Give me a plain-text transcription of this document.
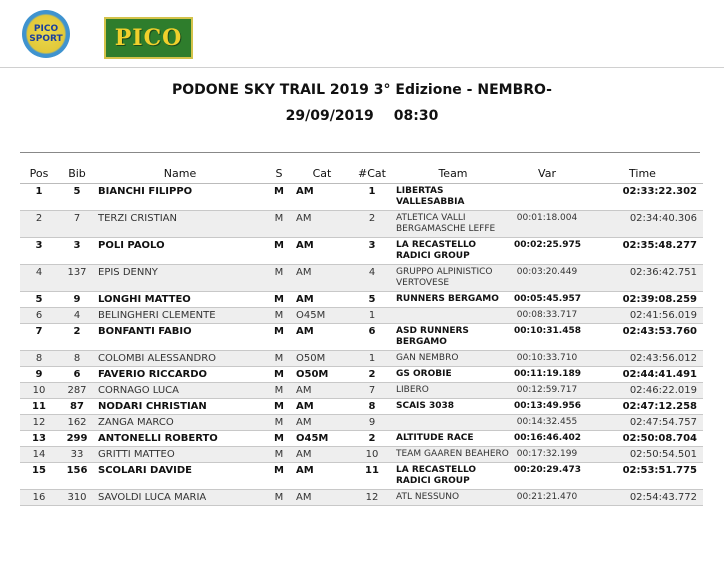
PICO
SPORT PICO
PODONE SKY TRAIL 2019 3° Edizione - NEMBRO-
29/09/2019 08:30
Pos	Bib	Name	S	Cat	#Cat	Team	Var	Time
1	5	BIANCHI FILIPPO	M	AM	1	LIBERTAS VALLESABBIA		02:33:22.302
2	7	TERZI CRISTIAN	M	AM	2	ATLETICA VALLI BERGAMASCHE LEFFE	00:01:18.004	02:34:40.306
3	3	POLI PAOLO	M	AM	3	LA RECASTELLO RADICI GROUP	00:02:25.975	02:35:48.277
4	137	EPIS DENNY	M	AM	4	GRUPPO ALPINISTICO VERTOVESE	00:03:20.449	02:36:42.751
5	9	LONGHI MATTEO	M	AM	5	RUNNERS BERGAMO	00:05:45.957	02:39:08.259
6	4	BELINGHERI CLEMENTE	M	O45M	1		00:08:33.717	02:41:56.019
7	2	BONFANTI FABIO	M	AM	6	ASD RUNNERS BERGAMO	00:10:31.458	02:43:53.760
8	8	COLOMBI ALESSANDRO	M	O50M	1	GAN NEMBRO	00:10:33.710	02:43:56.012
9	6	FAVERIO RICCARDO	M	O50M	2	GS OROBIE	00:11:19.189	02:44:41.491
10	287	CORNAGO LUCA	M	AM	7	LIBERO	00:12:59.717	02:46:22.019
11	87	NODARI CHRISTIAN	M	AM	8	SCAIS 3038	00:13:49.956	02:47:12.258
12	162	ZANGA MARCO	M	AM	9		00:14:32.455	02:47:54.757
13	299	ANTONELLI ROBERTO	M	O45M	2	ALTITUDE RACE	00:16:46.402	02:50:08.704
14	33	GRITTI MATTEO	M	AM	10	TEAM GAAREN BEAHERO	00:17:32.199	02:50:54.501
15	156	SCOLARI DAVIDE	M	AM	11	LA RECASTELLO RADICI GROUP	00:20:29.473	02:53:51.775
16	310	SAVOLDI LUCA MARIA	M	AM	12	ATL NESSUNO	00:21:21.470	02:54:43.772
